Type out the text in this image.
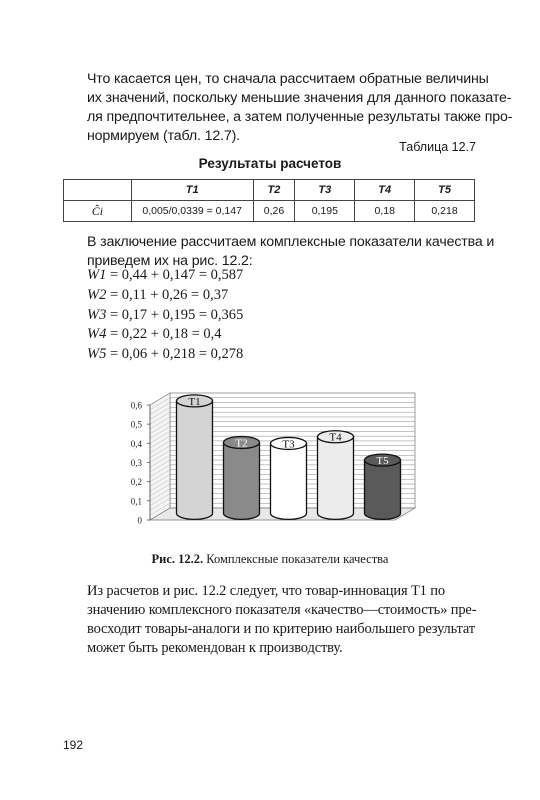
Что касается цен, то сначала рассчитаем обратные величины
их значений, поскольку меньшие значения для данного показате-
ля предпочтительнее, а затем полученные результаты также про-
нормируем (табл. 12.7).

Таблица 12.7
Результаты расчетов
	T1	T2	T3	T4	T5
Ĉi	0,005/0,0339 = 0,147	0,26	0,195	0,18	0,218

В заключение рассчитаем комплексные показатели качества и
приведем их на рис. 12.2:

W1 = 0,44 + 0,147 = 0,587
W2 = 0,11 + 0,26 = 0,37
W3 = 0,17 + 0,195 = 0,365
W4 = 0,22 + 0,18 = 0,4
W5 = 0,06 + 0,218 = 0,278
0
0,1
0,2
0,3
0,4
0,5
0,6	T1
T2	T3
T4
T5
Рис. 12.2. Комплексные показатели качества

Из расчетов и рис. 12.2 следует, что товар-инновация Т1 по
значению комплексного показателя «качество—стоимость» пре-
восходит товары-аналоги и по критерию наибольшего результат
может быть рекомендован к производству.

192
